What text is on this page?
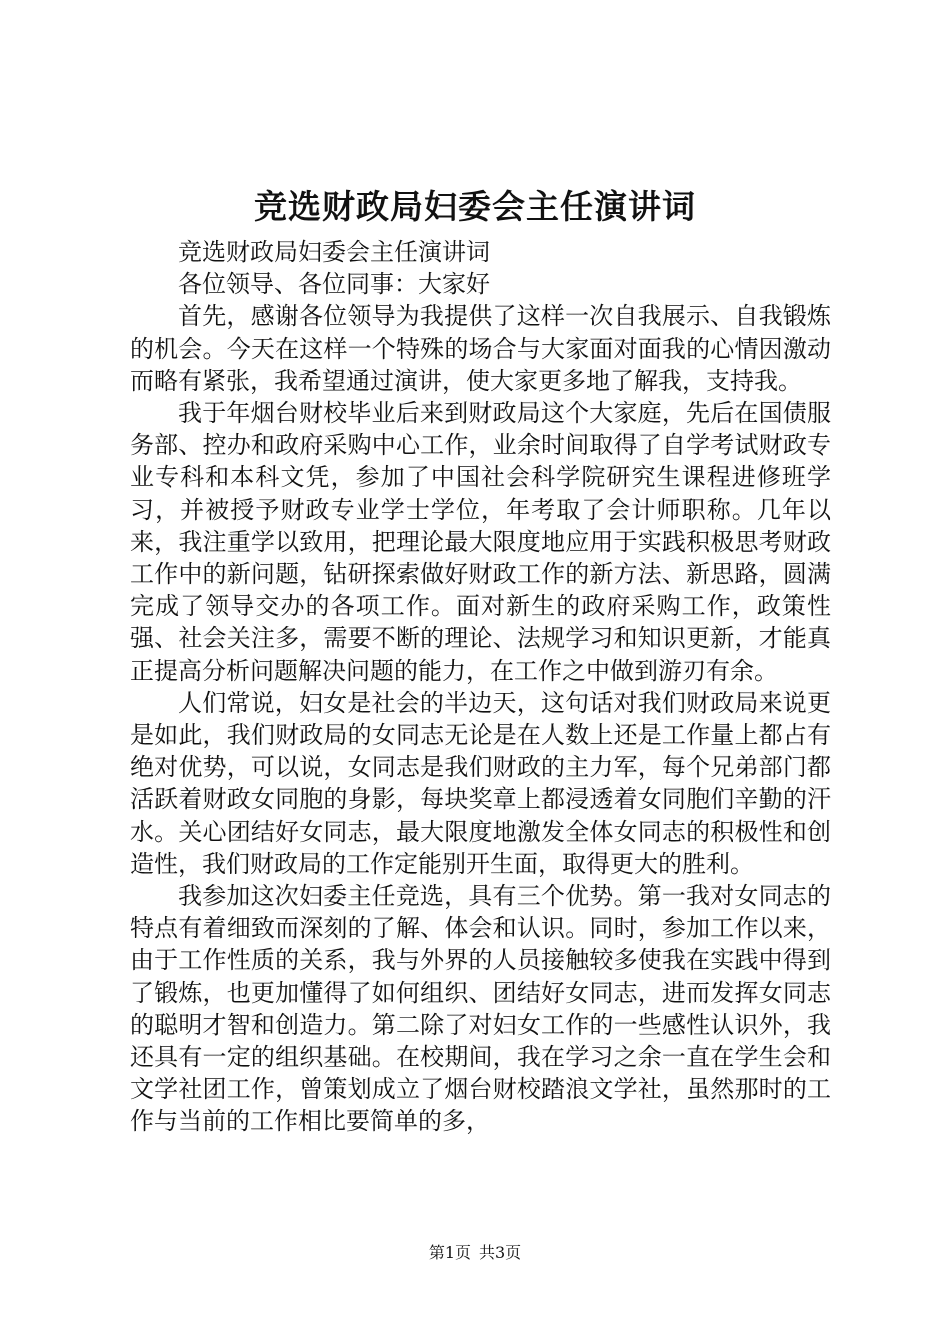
竞选财政局妇委会主任演讲词

竞选财政局妇委会主任演讲词

各位领导、各位同事：大家好

首先，感谢各位领导为我提供了这样一次自我展示、自我锻炼的机会。今天在这样一个特殊的场合与大家面对面我的心情因激动而略有紧张，我希望通过演讲，使大家更多地了解我，支持我。

我于年烟台财校毕业后来到财政局这个大家庭，先后在国债服务部、控办和政府采购中心工作，业余时间取得了自学考试财政专业专科和本科文凭，参加了中国社会科学院研究生课程进修班学习，并被授予财政专业学士学位，年考取了会计师职称。几年以来，我注重学以致用，把理论最大限度地应用于实践积极思考财政工作中的新问题，钻研探索做好财政工作的新方法、新思路，圆满完成了领导交办的各项工作。面对新生的政府采购工作，政策性强、社会关注多，需要不断的理论、法规学习和知识更新，才能真正提高分析问题解决问题的能力，在工作之中做到游刃有余。

人们常说，妇女是社会的半边天，这句话对我们财政局来说更是如此，我们财政局的女同志无论是在人数上还是工作量上都占有绝对优势，可以说，女同志是我们财政的主力军，每个兄弟部门都活跃着财政女同胞的身影，每块奖章上都浸透着女同胞们辛勤的汗水。关心团结好女同志，最大限度地激发全体女同志的积极性和创造性，我们财政局的工作定能别开生面，取得更大的胜利。

我参加这次妇委主任竞选，具有三个优势。第一我对女同志的特点有着细致而深刻的了解、体会和认识。同时，参加工作以来，由于工作性质的关系，我与外界的人员接触较多使我在实践中得到了锻炼，也更加懂得了如何组织、团结好女同志，进而发挥女同志的聪明才智和创造力。第二除了对妇女工作的一些感性认识外，我还具有一定的组织基础。在校期间，我在学习之余一直在学生会和文学社团工作，曾策划成立了烟台财校踏浪文学社，虽然那时的工作与当前的工作相比要简单的多，

第1页 共3页
